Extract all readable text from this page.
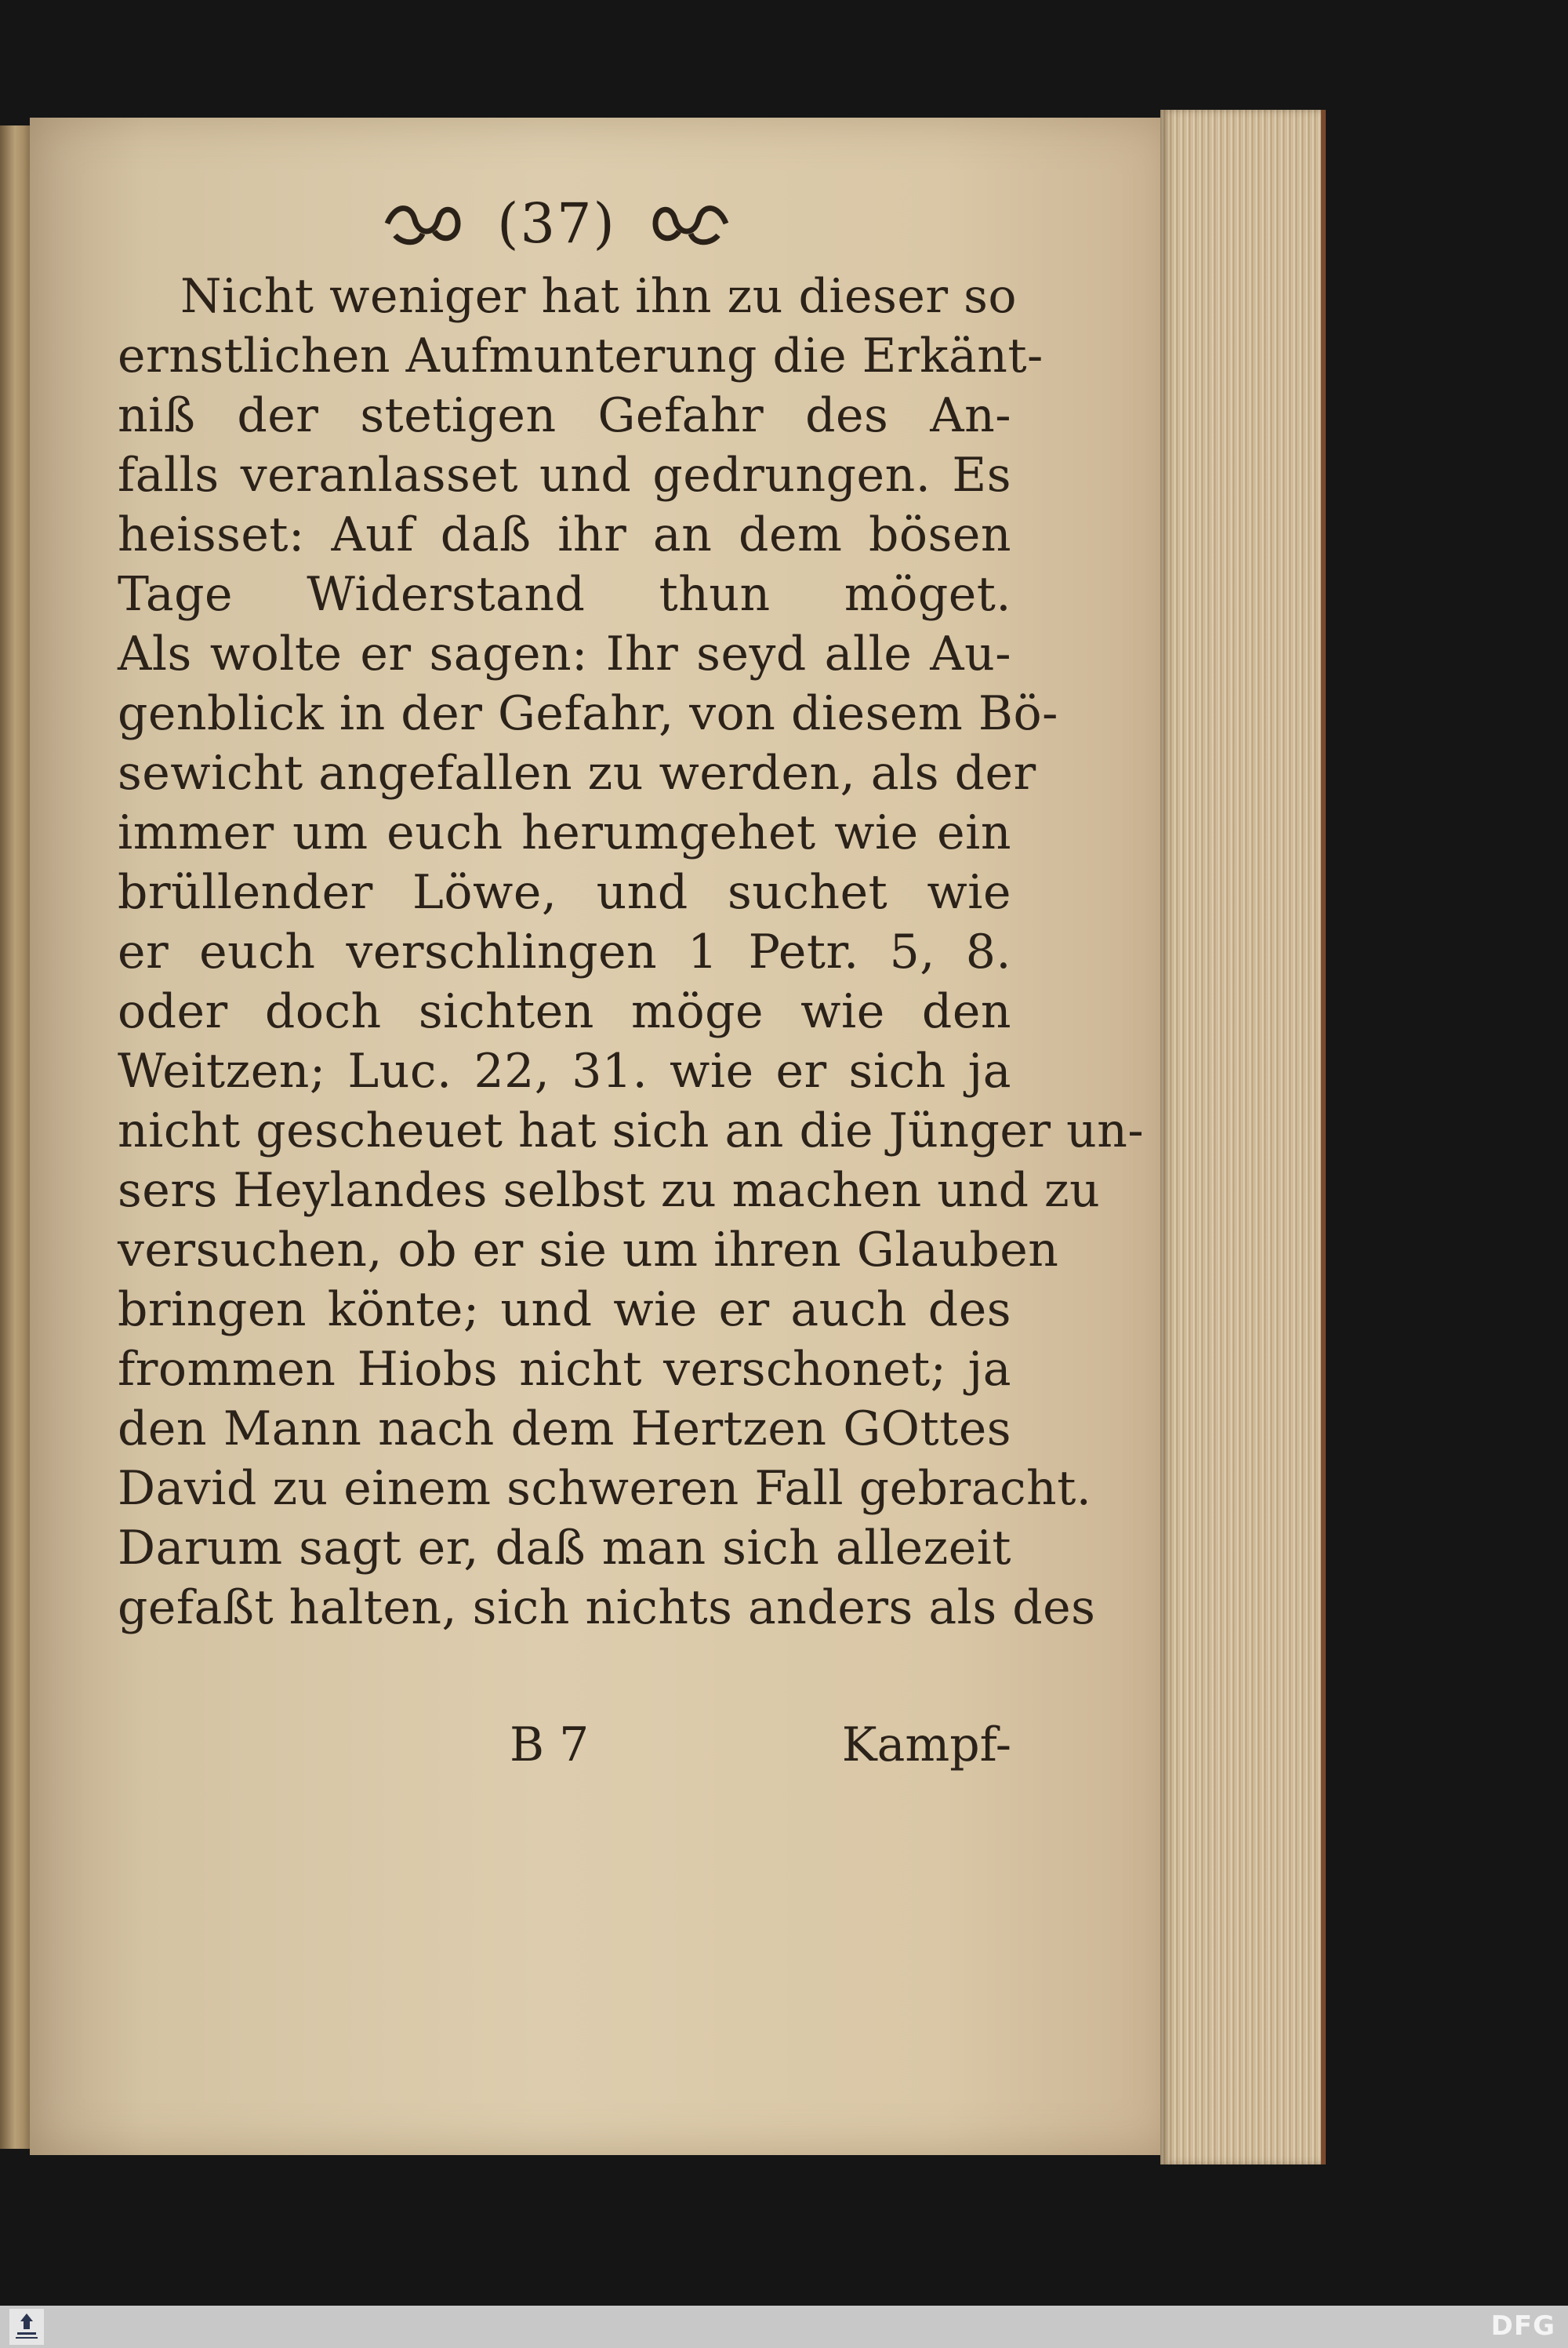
(37)
Nicht weniger hat ihn zu dieser so
ernstlichen Aufmunterung die Erkänt-
niß der stetigen Gefahr des An-
falls veranlasset und gedrungen. Es
heisset: Auf daß ihr an dem bösen
Tage Widerstand thun möget.
Als wolte er sagen: Ihr seyd alle Au-
genblick in der Gefahr, von diesem Bö-
sewicht angefallen zu werden, als der
immer um euch herumgehet wie ein
brüllender Löwe, und suchet wie
er euch verschlingen 1 Petr. 5, 8.
oder doch sichten möge wie den
Weitzen; Luc. 22, 31. wie er sich ja
nicht gescheuet hat sich an die Jünger un-
sers Heylandes selbst zu machen und zu
versuchen, ob er sie um ihren Glauben
bringen könte; und wie er auch des
frommen Hiobs nicht verschonet; ja
den Mann nach dem Hertzen GOttes
David zu einem schweren Fall gebracht.
Darum sagt er, daß man sich allezeit
gefaßt halten, sich nichts anders als des
B 7	Kampf-
DFG
